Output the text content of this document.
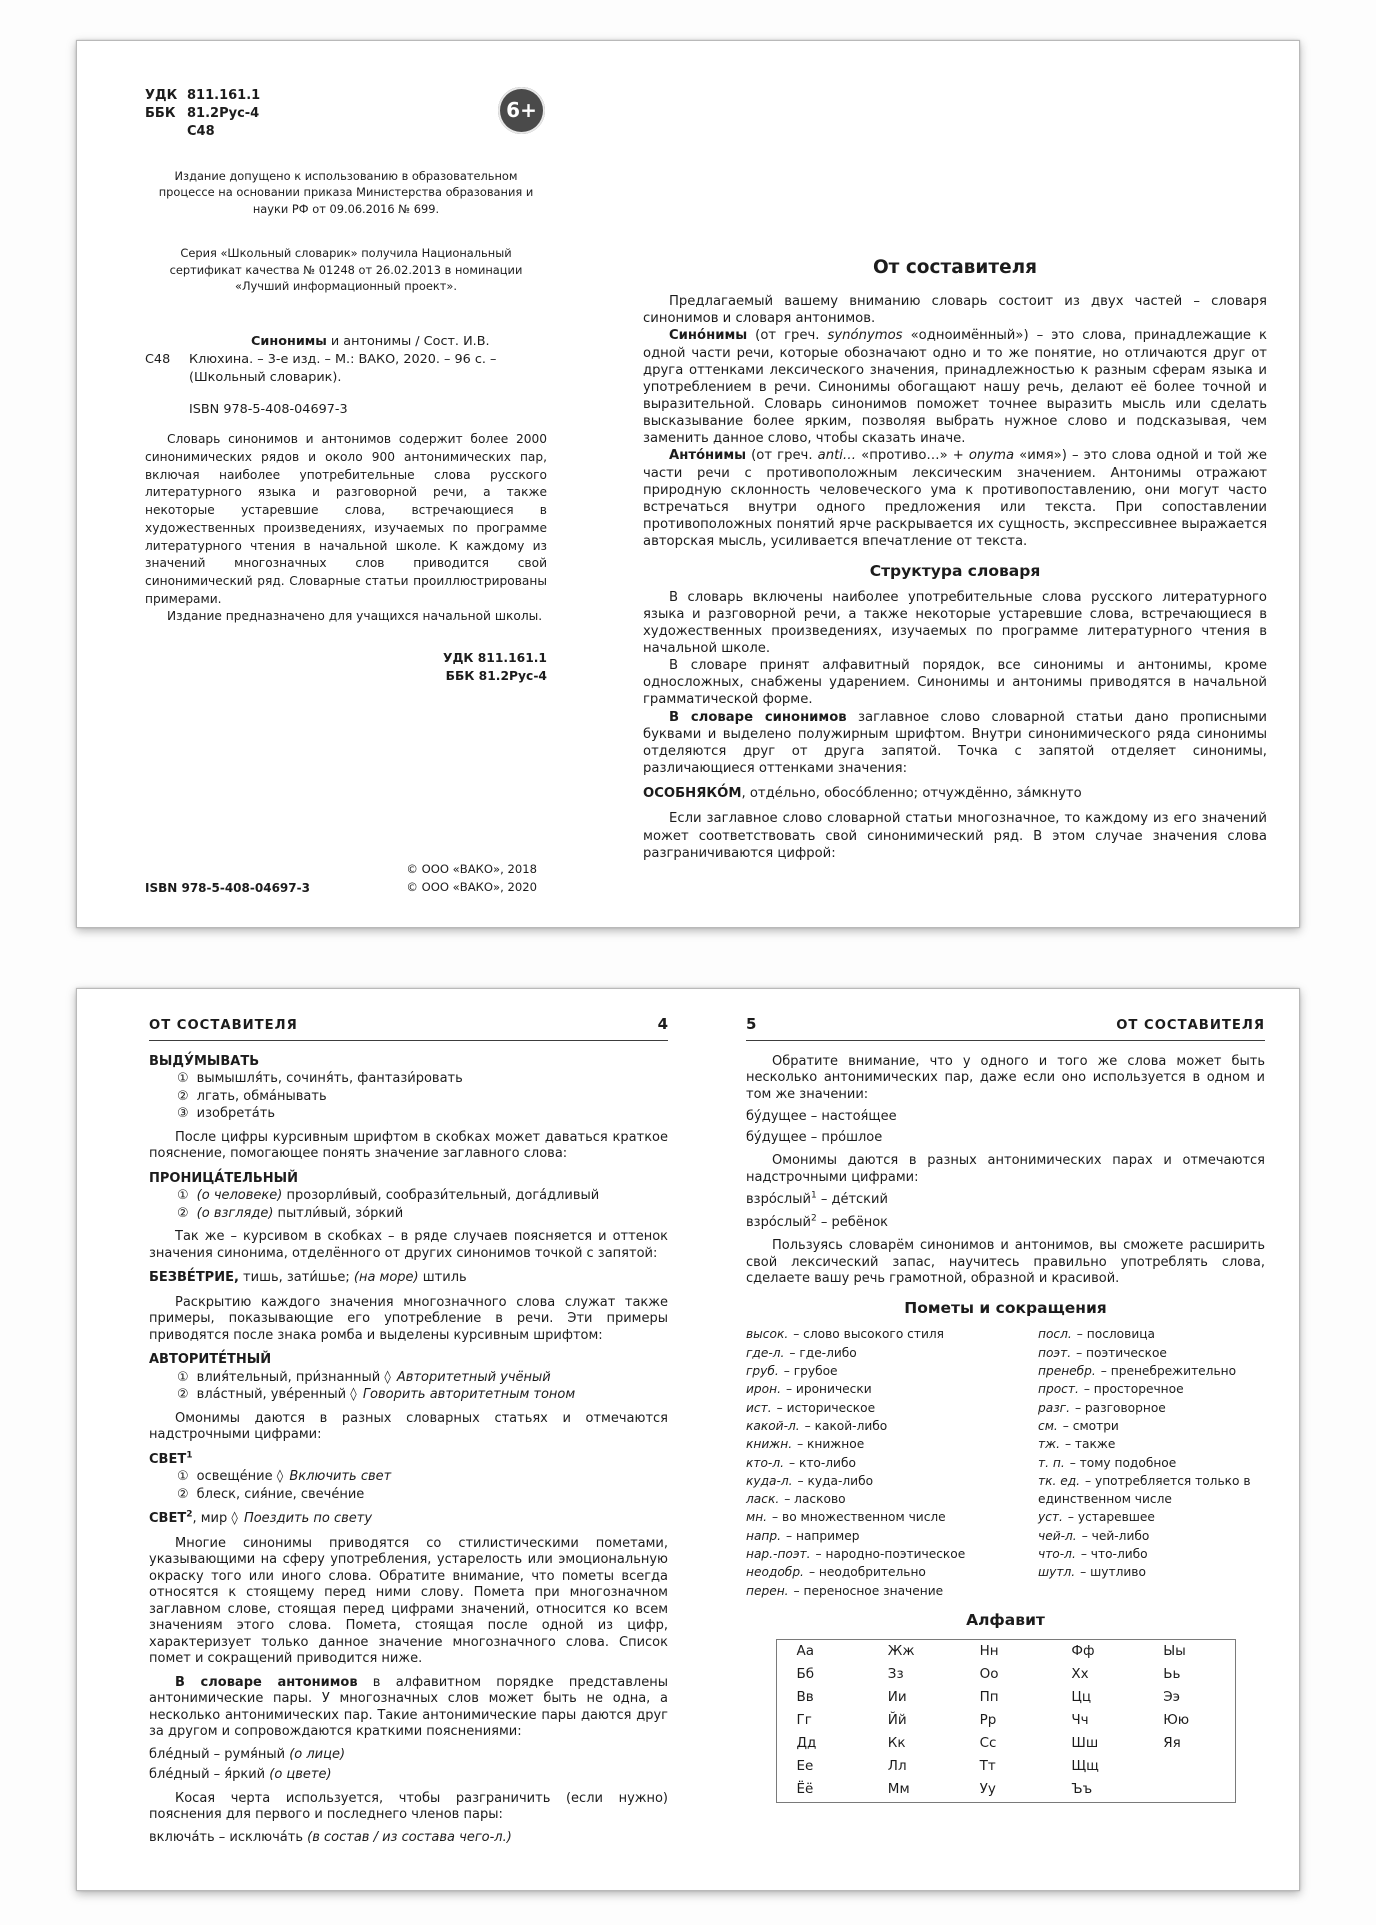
УДК 811.161.1
ББК 81.2Рус-4
С48
6+

Издание допущено к использованию в образовательном процессе на основании приказа Министерства образования и науки РФ от 09.06.2016 № 699.

Серия «Школьный словарик» получила Национальный сертификат качества № 01248 от 26.02.2013 в номинации «Лучший информационный проект».

С48

Синонимы и антонимы / Сост. И.В. Клюхина. – 3-е изд. – М.: ВАКО, 2020. – 96 с. – (Школьный словарик).

ISBN 978-5-408-04697-3

Словарь синонимов и антонимов содержит более 2000 синонимических рядов и около 900 антонимических пар, включая наиболее употребительные слова русского литературного языка и разговорной речи, а также некоторые устаревшие слова, встречающиеся в художественных произведениях, изучаемых по программе литературного чтения в начальной школе. К каждому из значений многозначных слов приводится свой синонимический ряд. Словарные статьи проиллюстрированы примерами.

Издание предназначено для учащихся начальной школы.

УДК 811.161.1
ББК 81.2Рус-4
ISBN 978-5-408-04697-3
© ООО «ВАКО», 2018
© ООО «ВАКО», 2020
От составителя

Предлагаемый вашему вниманию словарь состоит из двух частей – словаря синонимов и словаря антонимов.

Сино́нимы (от греч. synónymos «одноимённый») – это слова, принадлежащие к одной части речи, которые обозначают одно и то же понятие, но отличаются друг от друга оттенками лексического значения, принадлежностью к разным сферам языка и употреблением в речи. Синонимы обогащают нашу речь, делают её более точной и выразительной. Словарь синонимов поможет точнее выразить мысль или сделать высказывание более ярким, позволяя выбрать нужное слово и подсказывая, чем заменить данное слово, чтобы сказать иначе.

Анто́нимы (от греч. anti… «противо…» + onyma «имя») – это слова одной и той же части речи с противоположным лексическим значением. Антонимы отражают природную склонность человеческого ума к противопоставлению, они могут часто встречаться внутри одного предложения или текста. При сопоставлении противоположных понятий ярче раскрывается их сущность, экспрессивнее выражается авторская мысль, усиливается впечатление от текста.

Структура словаря

В словарь включены наиболее употребительные слова русского литературного языка и разговорной речи, а также некоторые устаревшие слова, встречающиеся в художественных произведениях, изучаемых по программе литературного чтения в начальной школе.

В словаре принят алфавитный порядок, все синонимы и антонимы, кроме односложных, снабжены ударением. Синонимы и антонимы приводятся в начальной грамматической форме.

В словаре синонимов заглавное слово словарной статьи дано прописными буквами и выделено полужирным шрифтом. Внутри синонимического ряда синонимы отделяются друг от друга запятой. Точка с запятой отделяет синонимы, различающиеся оттенками значения:

ОСОБНЯКО́М, отде́льно, обосо́бленно; отчуждённо, за́мкнуто

Если заглавное слово словарной статьи многозначное, то каждому из его значений может соответствовать свой синонимический ряд. В этом случае значения слова разграничиваются цифрой:

ОТ СОСТАВИТЕЛЯ	4
ВЫДУ́МЫВАТЬ
① вымышля́ть, сочиня́ть, фантази́ровать
② лгать, обма́нывать
③ изобрета́ть

После цифры курсивным шрифтом в скобках может даваться краткое пояснение, помогающее понять значение заглавного слова:

ПРОНИЦА́ТЕЛЬНЫЙ
① (о человеке) прозорли́вый, сообрази́тельный, дога́дливый
② (о взгляде) пытли́вый, зо́ркий

Так же – курсивом в скобках – в ряде случаев поясняется и оттенок значения синонима, отделённого от других синонимов точкой с запятой:

БЕЗВЕ́ТРИЕ, тишь, зати́шье; (на море) штиль

Раскрытию каждого значения многозначного слова служат также примеры, показывающие его употребление в речи. Эти примеры приводятся после знака ромба и выделены курсивным шрифтом:

АВТОРИТЕ́ТНЫЙ
① влия́тельный, при́знанный ◊ Авторитетный учёный
② вла́стный, уве́ренный ◊ Говорить авторитетным тоном

Омонимы даются в разных словарных статьях и отмечаются надстрочными цифрами:

СВЕТ$^1$
① освеще́ние ◊ Включить свет
② блеск, сия́ние, свече́ние

СВЕТ$^2$, мир ◊ Поездить по свету

Многие синонимы приводятся со стилистическими пометами, указывающими на сферу употребления, устарелость или эмоциональную окраску того или иного слова. Обратите внимание, что пометы всегда относятся к стоящему перед ними слову. Помета при многозначном заглавном слове, стоящая перед цифрами значений, относится ко всем значениям этого слова. Помета, стоящая после одной из цифр, характеризует только данное значение многозначного слова. Список помет и сокращений приводится ниже.

В словаре антонимов в алфавитном порядке представлены антонимические пары. У многозначных слов может быть не одна, а несколько антонимических пар. Такие антонимические пары даются друг за другом и сопровождаются краткими пояснениями:

бле́дный – румя́ный (о лице)
бле́дный – я́ркий (о цвете)

Косая черта используется, чтобы разграничить (если нужно) пояснения для первого и последнего членов пары:

включа́ть – исключа́ть (в состав / из состава чего-л.)

5	ОТ СОСТАВИТЕЛЯ

Обратите внимание, что у одного и того же слова может быть несколько антонимических пар, даже если оно используется в одном и том же значении:

бу́дущее – настоя́щее
бу́дущее – про́шлое

Омонимы даются в разных антонимических парах и отмечаются надстрочными цифрами:

взро́слый$^1$ – де́тский

взро́слый$^2$ – ребёнок

Пользуясь словарём синонимов и антонимов, вы сможете расширить свой лексический запас, научитесь правильно употреблять слова, сделаете вашу речь грамотной, образной и красивой.

Пометы и сокращения
высок. – слово высокого стиля
где-л. – где-либо
груб. – грубое
ирон. – иронически
ист. – историческое
какой-л. – какой-либо
книжн. – книжное
кто-л. – кто-либо
куда-л. – куда-либо
ласк. – ласково
мн. – во множественном числе
напр. – например
нар.-поэт. – народно-поэтическое
неодобр. – неодобрительно
перен. – переносное значение
посл. – пословица
поэт. – поэтическое
пренебр. – пренебрежительно
прост. – просторечное
разг. – разговорное
см. – смотри
тж. – также
т. п. – тому подобное
тк. ед. – употребляется только в единственном числе
уст. – устаревшее
чей-л. – чей-либо
что-л. – что-либо
шутл. – шутливо
Алфавит
Аа	Жж	Нн	Фф	Ыы
Бб	Зз	Оо	Хх	Ьь
Вв	Ии	Пп	Цц	Ээ
Гг	Йй	Рр	Чч	Юю
Дд	Кк	Сс	Шш	Яя
Ее	Лл	Тт	Щщ	
Ёё	Мм	Уу	Ъъ	
